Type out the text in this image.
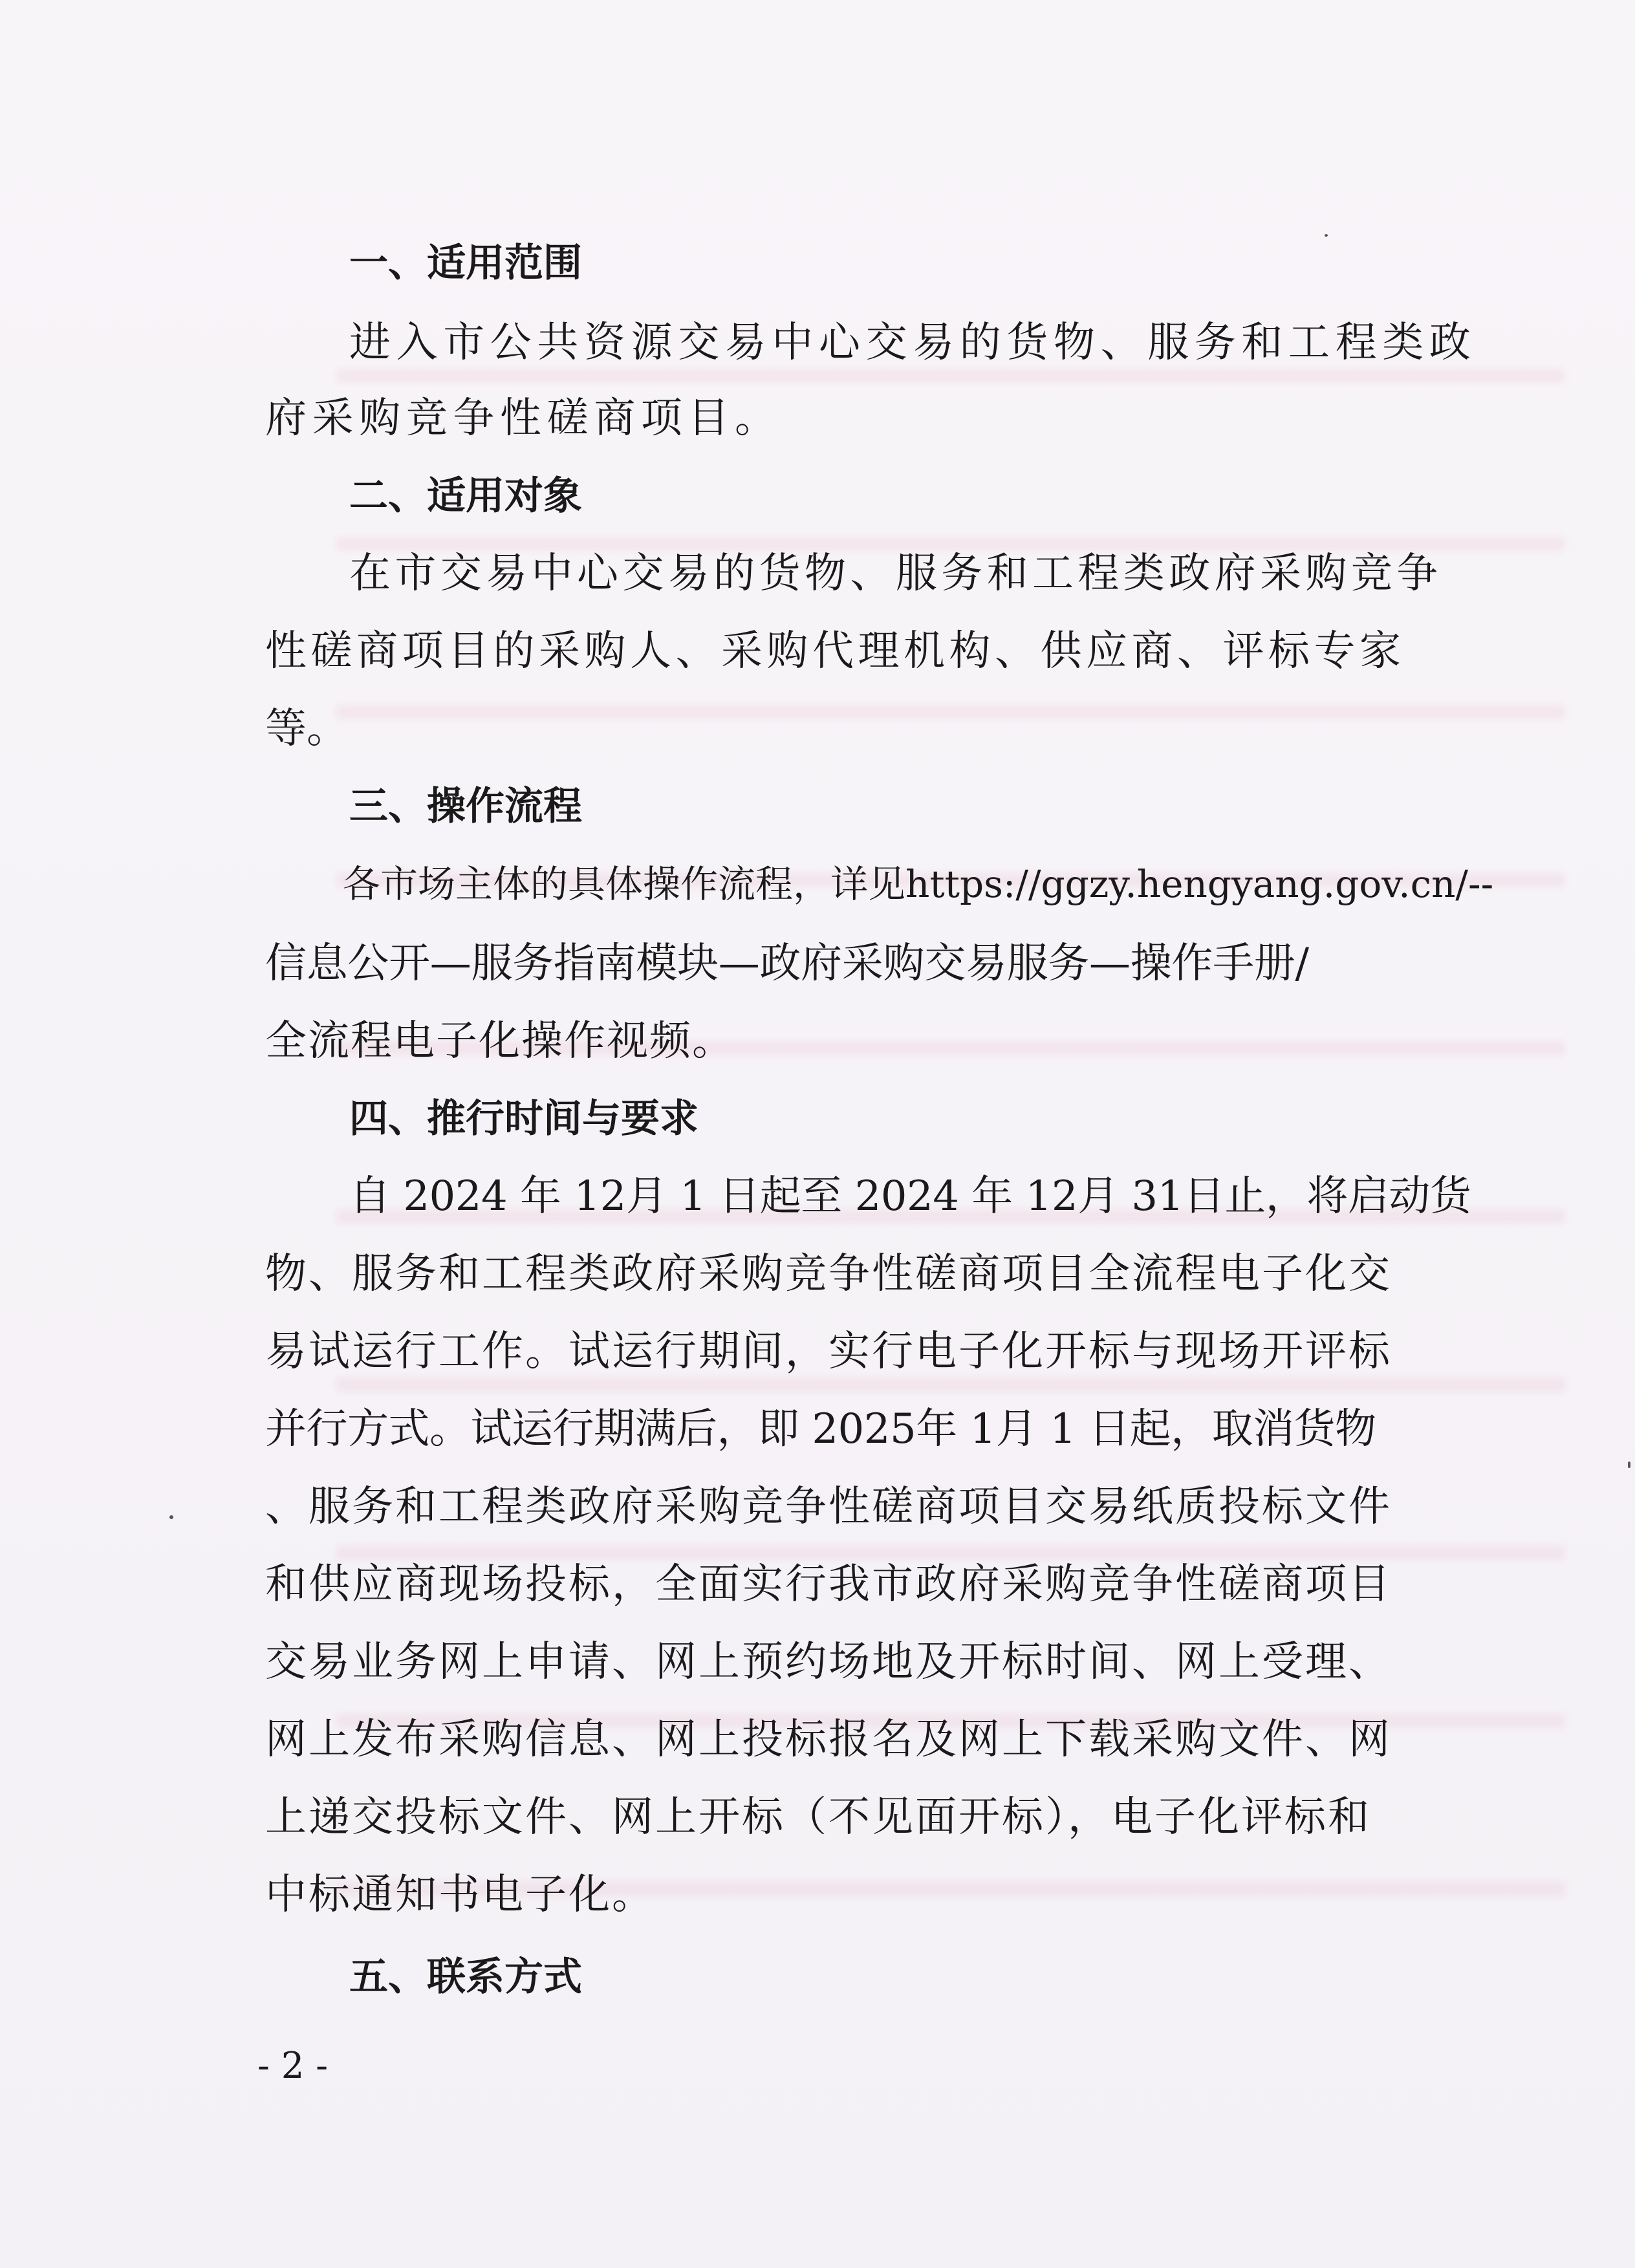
一、适用范围
进入市公共资源交易中心交易的货物、服务和工程类政
府采购竞争性磋商项目。
二、适用对象
在市交易中心交易的货物、服务和工程类政府采购竞争
性磋商项目的采购人、采购代理机构、供应商、评标专家
等。
三、操作流程
各市场主体的具体操作流程，详见https://ggzy.hengyang.gov.cn/--
信息公开—服务指南模块—政府采购交易服务—操作手册/
全流程电子化操作视频。
四、推行时间与要求
自 2024 年 12月 1 日起至 2024 年 12月 31日止，将启动货
物、服务和工程类政府采购竞争性磋商项目全流程电子化交
易试运行工作。试运行期间，实行电子化开标与现场开评标
并行方式。试运行期满后，即 2025年 1月 1 日起，取消货物
、服务和工程类政府采购竞争性磋商项目交易纸质投标文件
和供应商现场投标，全面实行我市政府采购竞争性磋商项目
交易业务网上申请、网上预约场地及开标时间、网上受理、
网上发布采购信息、网上投标报名及网上下载采购文件、网
上递交投标文件、网上开标（不见面开标），电子化评标和
中标通知书电子化。
五、联系方式
- 2 -
